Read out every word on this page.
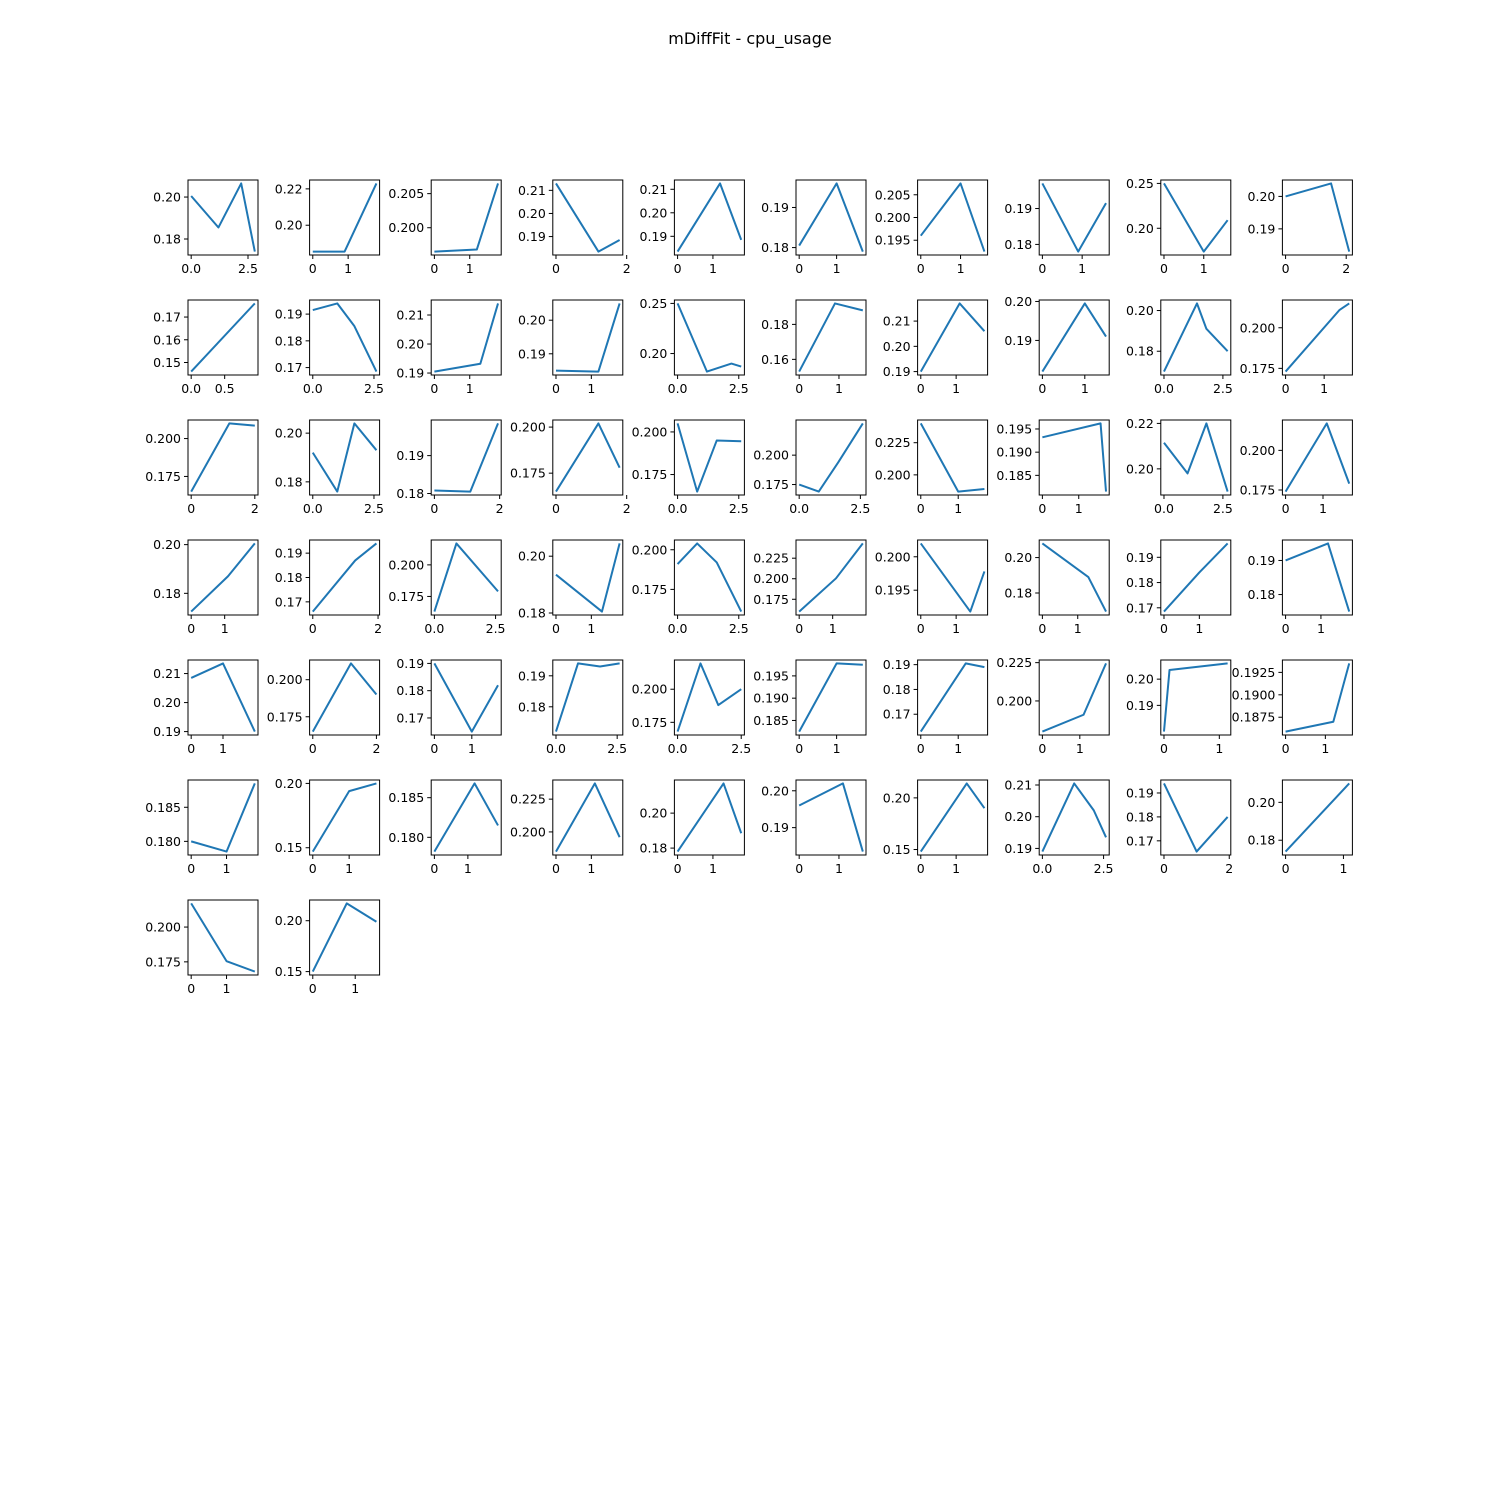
mDiffFit - cpu_usage
0.0	2.5
0.18
0.20
0 1
0.20
0.22
0 1
0.200
0.205
0	2
0.19
0.20
0.21
0 1
0.19
0.20
0.21
0 1
0.18
0.19
0	1
0.195
0.200
0.205
0	1
0.18
0.19
0	1
0.20
0.25
0	2
0.19
0.20
0.0 0.5
0.15
0.16
0.17
0.0	2.5
0.17
0.18
0.19
0 1
0.19
0.20
0.21
0 1
0.19
0.20
0.0	2.5
0.20
0.25
0	1
0.16
0.18
0 1
0.19
0.20
0.21
0	1
0.19
0.20
0.0	2.5
0.18
0.20
0 1
0.175
0.200
0	2
0.175
0.200
0.0	2.5
0.18
0.20
0	2
0.18
0.19
0	2
0.175
0.200
0.0	2.5
0.175
0.200
0.0	2.5
0.175
0.200
0 1
0.200
0.225
0 1
0.185
0.190
0.195
0.0	2.5
0.20
0.22
0 1
0.175
0.200
0 1
0.18
0.20
0	2
0.17
0.18
0.19
0.0	2.5
0.175
0.200
0 1
0.18
0.20
0.0	2.5
0.175
0.200
0 1
0.175
0.200
0.225
0 1
0.195
0.200
0 1
0.18
0.20
0 1
0.17
0.18
0.19
0 1
0.18
0.19
0 1
0.19
0.20
0.21
0	2
0.175
0.200
0 1
0.17
0.18
0.19
0.0	2.5
0.18
0.19
0.0	2.5
0.175
0.200
0 1
0.185
0.190
0.195
0 1
0.17
0.18
0.19
0 1
0.200
0.225
0	1
0.19
0.20
0	1
0.1875
0.1900
0.1925
0 1
0.180
0.185
0 1
0.15
0.20
0 1
0.180
0.185
0 1
0.200
0.225
0 1
0.18
0.20
0	1
0.19
0.20
0 1
0.15
0.20
0.0	2.5
0.19
0.20
0.21
0	2
0.17
0.18
0.19
0	1
0.18
0.20
0 1
0.175
0.200
0	1
0.15
0.20
